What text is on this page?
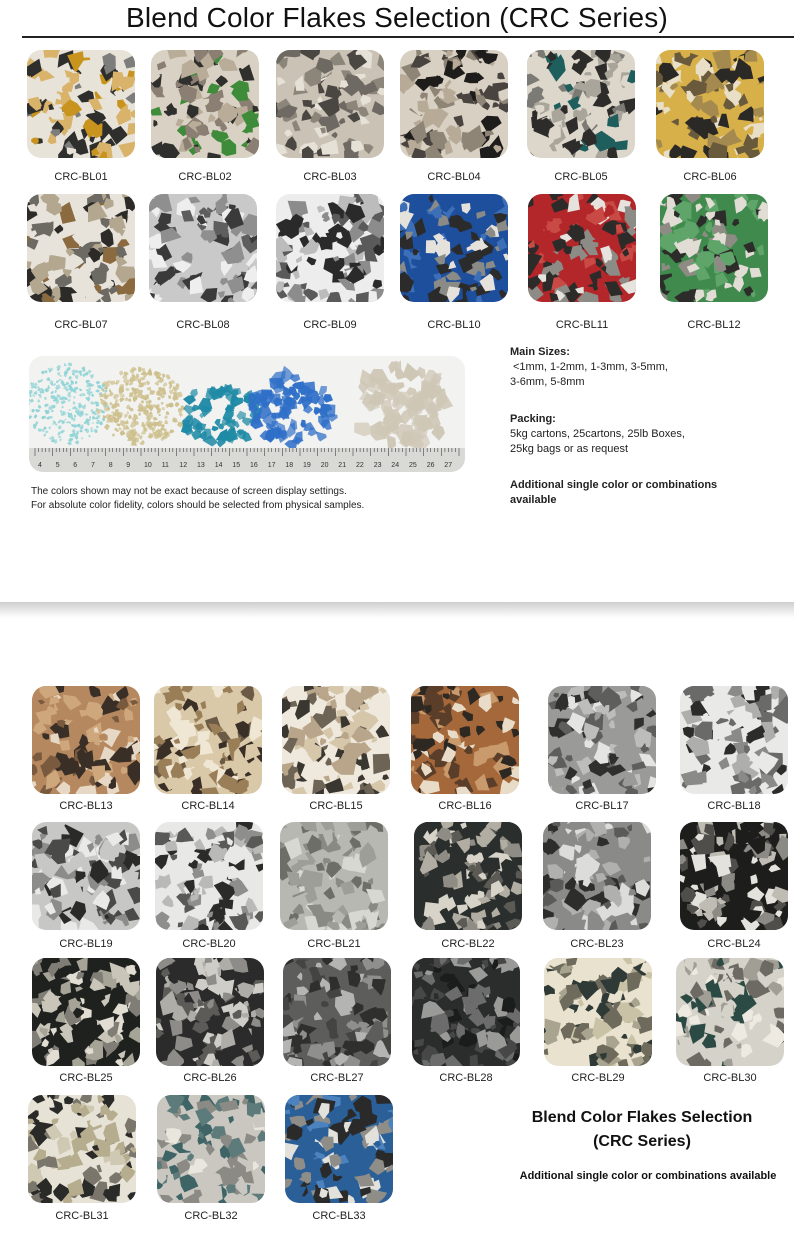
Blend Color Flakes Selection (CRC Series)
CRC-BL01	CRC-BL02	CRC-BL03	CRC-BL04	CRC-BL05	CRC-BL06
CRC-BL07	CRC-BL08	CRC-BL09	CRC-BL10	CRC-BL11	CRC-BL12
CRC-BL13	CRC-BL14	CRC-BL15	CRC-BL16	CRC-BL17	CRC-BL18
CRC-BL19	CRC-BL20	CRC-BL21	CRC-BL22	CRC-BL23	CRC-BL24
CRC-BL25	CRC-BL26	CRC-BL27	CRC-BL28	CRC-BL29	CRC-BL30
CRC-BL31	CRC-BL32	CRC-BL33
4 5 6 7 8 9 10 11 12 13 14 15 16 17 18 19 20 21 22 23 24 25 26 27
The colors shown may not be exact because of screen display settings.
For absolute color fidelity, colors should be selected from physical samples.
Main Sizes:
<1mm, 1-2mm, 1-3mm, 3-5mm,
3-6mm, 5-8mm
Packing:
5kg cartons, 25cartons, 25lb Boxes,
25kg bags or as request
Additional single color or combinations
available
Blend Color Flakes Selection
(CRC Series)
Additional single color or combinations available
